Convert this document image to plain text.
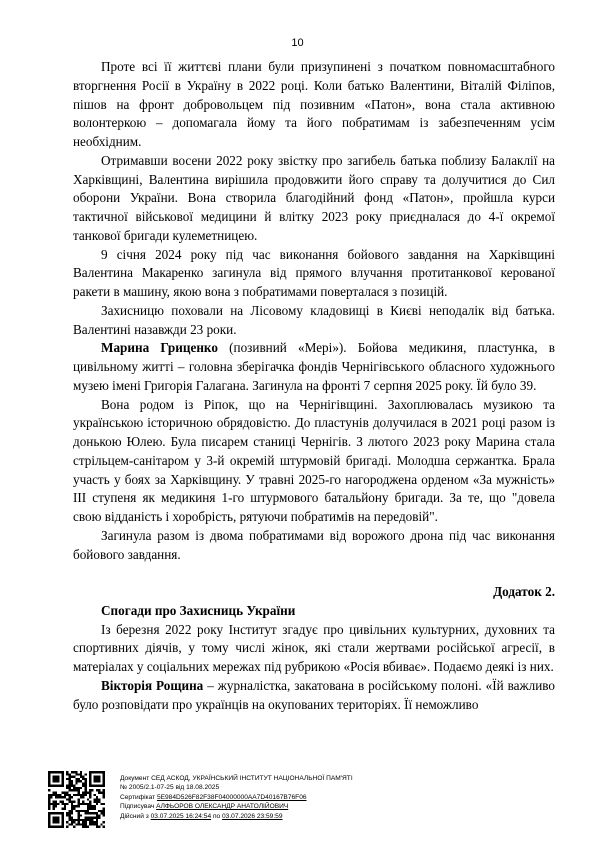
10

Проте всі її життєві плани були призупинені з початком повномасштабного вторгнення Росії в Україну в 2022 році. Коли батько Валентини, Віталій Філіпов, пішов на фронт добровольцем під позивним «Патон», вона стала активною волонтеркою – допомагала йому та його побратимам із забезпеченням усім необхідним.

Отримавши восени 2022 року звістку про загибель батька поблизу Балаклії на Харківщині, Валентина вирішила продовжити його справу та долучитися до Сил оборони України. Вона створила благодійний фонд «Патон», пройшла курси тактичної військової медицини й влітку 2023 року приєдналася до 4-ї окремої танкової бригади кулеметницею.

9 січня 2024 року під час виконання бойового завдання на Харківщині Валентина Макаренко загинула від прямого влучання протитанкової керованої ракети в машину, якою вона з побратимами поверталася з позицій.

Захисницю поховали на Лісовому кладовищі в Києві неподалік від батька. Валентині назавжди 23 роки.

Марина Гриценко (позивний «Мері»). Бойова медикиня, пластунка, в цивільному житті – головна зберігачка фондів Чернігівського обласного художнього музею імені Григорія Галагана. Загинула на фронті 7 серпня 2025 року. Їй було 39.

Вона родом із Ріпок, що на Чернігівщині. Захоплювалась музикою та українською історичною обрядовістю. До пластунів долучилася в 2021 році разом із донькою Юлею. Була писарем станиці Чернігів. З лютого 2023 року Марина стала стрільцем-санітаром у 3-й окремій штурмовій бригаді. Молодша сержантка. Брала участь у боях за Харківщину. У травні 2025-го нагороджена орденом «За мужність» ІІІ ступеня як медикиня 1-го штурмового батальйону бригади. За те, що "довела свою відданість і хоробрість, рятуючи побратимів на передовій".

Загинула разом із двома побратимами від ворожого дрона під час виконання бойового завдання.

Додаток 2.

Спогади про Захисниць України

Із березня 2022 року Інститут згадує про цивільних культурних, духовних та спортивних діячів, у тому числі жінок, які стали жертвами російської агресії, в матеріалах у соціальних мережах під рубрикою «Росія вбиває». Подаємо деякі із них.

Вікторія Рощина – журналістка, закатована в російському полоні. «Їй важливо було розповідати про українців на окупованих територіях. Її неможливо

Документ СЕД АСКОД, УКРАЇНСЬКИЙ ІНСТИТУТ НАЦІОНАЛЬНОЇ ПАМ'ЯТІ
№ 2005/2.1-07-25 від 18.08.2025
Сертифікат 5E984D526F82F38F04000000AA7D40167B76F06
Підписувач АЛФЬОРОВ ОЛЕКСАНДР АНАТОЛІЙОВИЧ
Дійсний з 03.07.2025 16:24:54 по 03.07.2026 23:59:59
